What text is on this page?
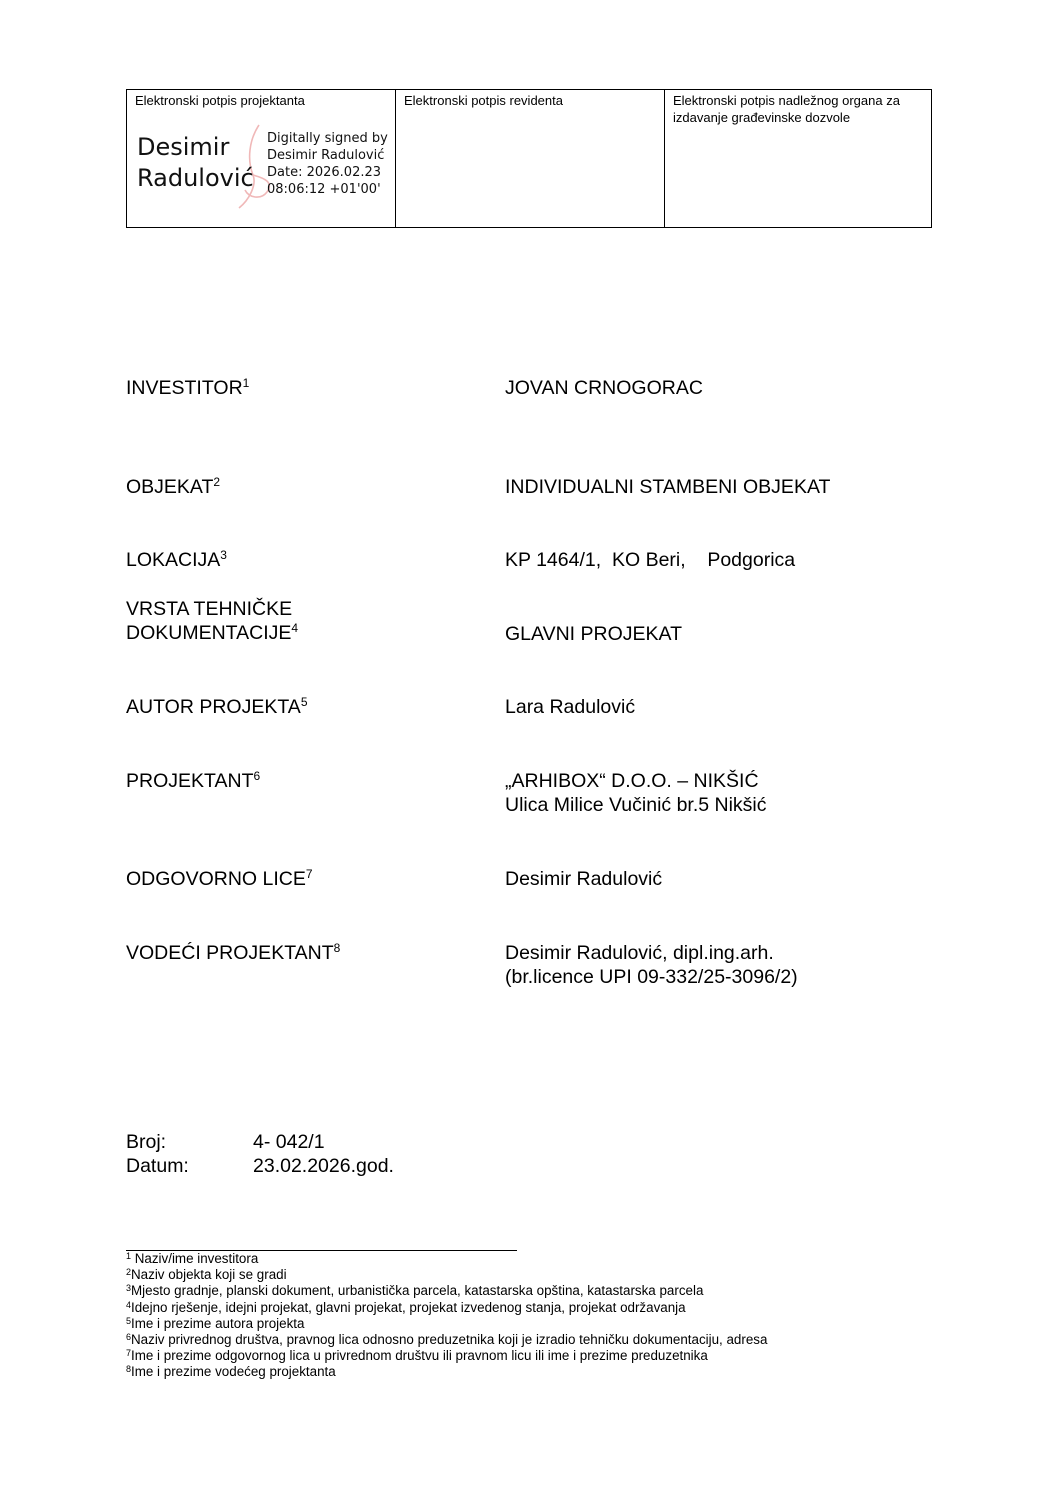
Elektronski potpis projektanta
Desimir
Radulović
Digitally signed by
Desimir Radulović
Date: 2026.02.23
08:06:12 +01'00'
Elektronski potpis revidenta	Elektronski potpis nadležnog organa za izdavanje građevinske dozvole
INVESTITOR$^1$	JOVAN CRNOGORAC
OBJEKAT$^2$	INDIVIDUALNI STAMBENI OBJEKAT
LOKACIJA$^3$	KP 1464/1,  KO Beri,    Podgorica
VRSTA TEHNIČKE
DOKUMENTACIJE$^4$	GLAVNI PROJEKAT
AUTOR PROJEKTA$^5$	Lara Radulović
PROJEKTANT$^6$	„ARHIBOX“ D.O.O. – NIKŠIĆ
Ulica Milice Vučinić br.5 Nikšić
ODGOVORNO LICE$^7$	Desimir Radulović
VODEĆI PROJEKTANT$^8$	Desimir Radulović, dipl.ing.arh.
(br.licence UPI 09-332/25-3096/2)
Broj:	4- 042/1
Datum:	23.02.2026.god.
$^1$ Naziv/ime investitora
$^2$Naziv objekta koji se gradi
$^3$Mjesto gradnje, planski dokument, urbanistička parcela, katastarska opština, katastarska parcela
$^4$Idejno rješenje, idejni projekat, glavni projekat, projekat izvedenog stanja, projekat održavanja
$^5$Ime i prezime autora projekta
$^6$Naziv privrednog društva, pravnog lica odnosno preduzetnika koji je izradio tehničku dokumentaciju, adresa
$^7$Ime i prezime odgovornog lica u privrednom društvu ili pravnom licu ili ime i prezime preduzetnika
$^8$Ime i prezime vodećeg projektanta
